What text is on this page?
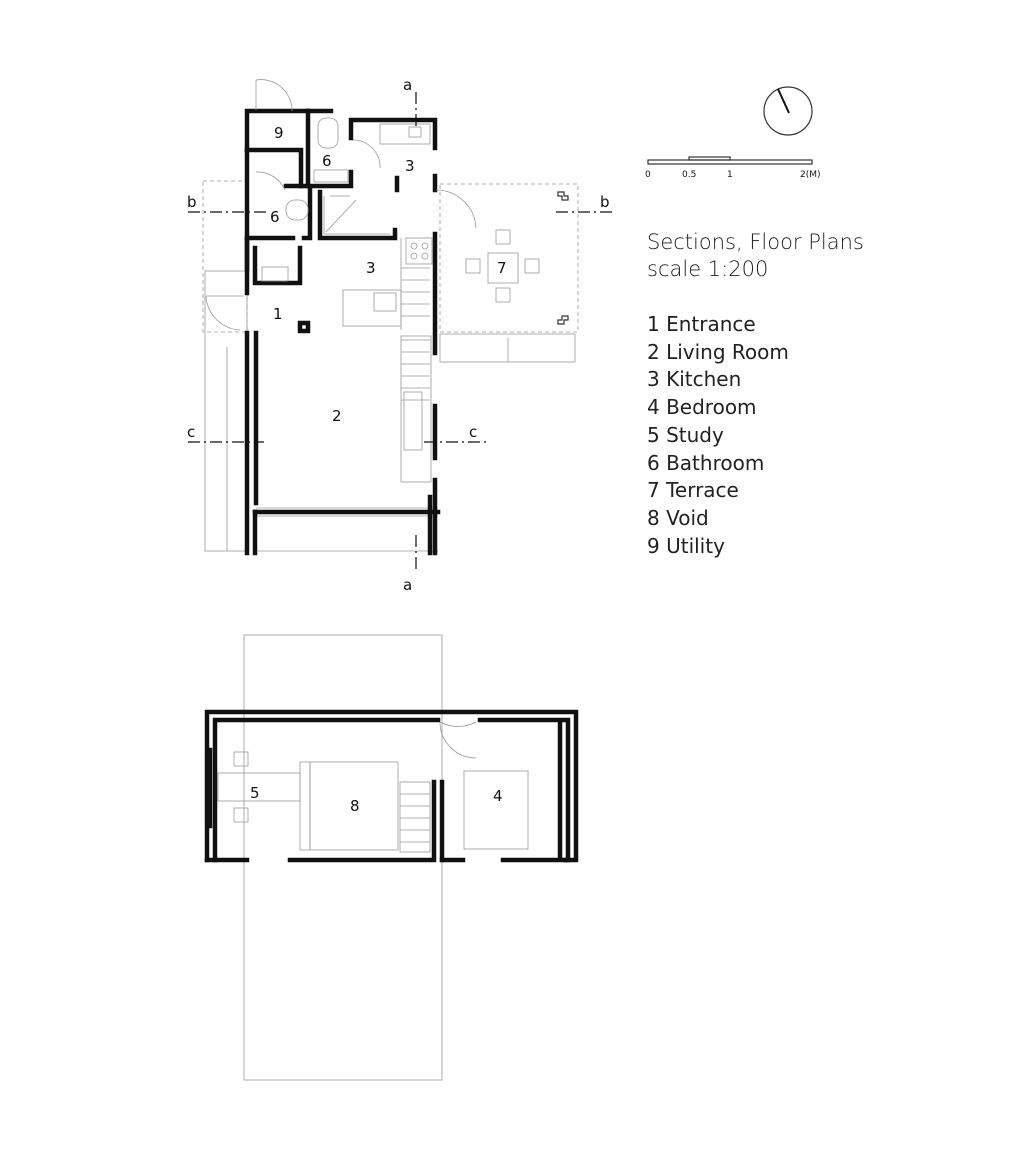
9
6	3
6
3	7
1
2
a
a
b	b
c	c
0	0.5	1	2(M)
5
8
4
Sections, Floor Plans
scale 1:200
1 Entrance
2 Living Room
3 Kitchen
4 Bedroom
5 Study
6 Bathroom
7 Terrace
8 Void
9 Utility
